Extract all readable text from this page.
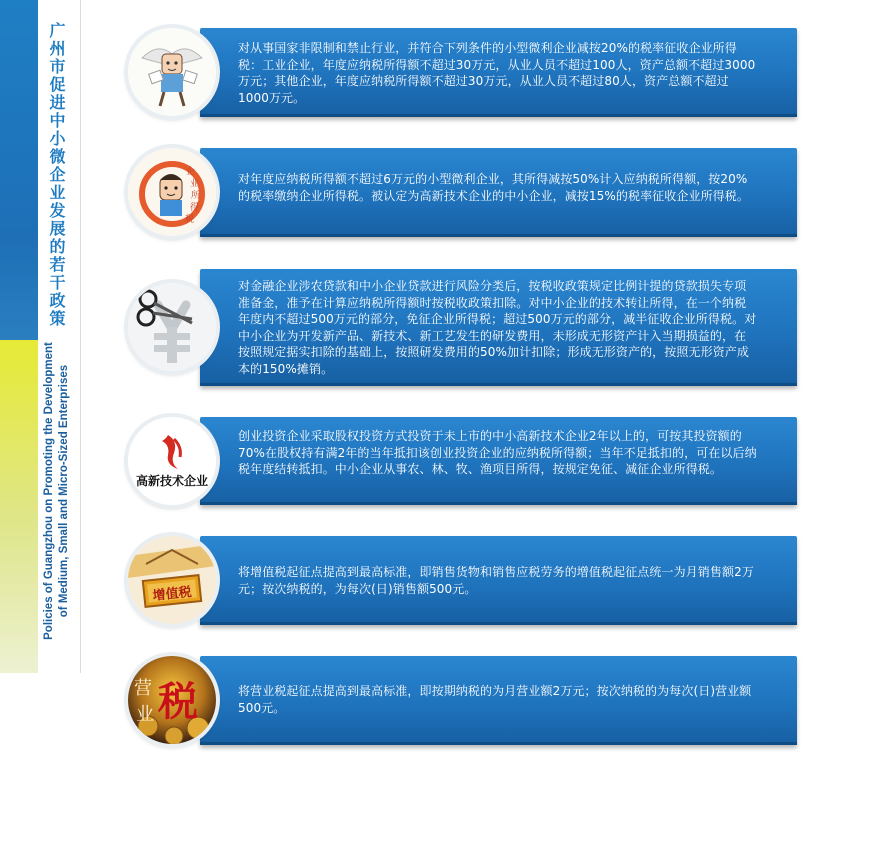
广州市促进中小微企业发展的若干政策
Policies of Guangzhou on Promoting the Development of Medium, Small and Micro-Sized Enterprises
对从事国家非限制和禁止行业，并符合下列条件的小型微利企业减按20%的税率征收企业所得税：工业企业，年度应纳税所得额不超过30万元，从业人员不超过100人，资产总额不超过3000万元；其他企业，年度应纳税所得额不超过30万元，从业人员不超过80人，资产总额不超过1000万元。
对年度应纳税所得额不超过6万元的小型微利企业，其所得减按50%计入应纳税所得额，按20%的税率缴纳企业所得税。被认定为高新技术企业的中小企业，减按15%的税率征收企业所得税。
企
业
所
得
税
对金融企业涉农贷款和中小企业贷款进行风险分类后，按税收政策规定比例计提的贷款损失专项准备金，准予在计算应纳税所得额时按税收政策扣除。对中小企业的技术转让所得，在一个纳税年度内不超过500万元的部分，免征企业所得税；超过500万元的部分，减半征收企业所得税。对中小企业为开发新产品、新技术、新工艺发生的研发费用，未形成无形资产计入当期损益的，在按照规定据实扣除的基础上，按照研发费用的50%加计扣除；形成无形资产的，按照无形资产成本的150%摊销。
创业投资企业采取股权投资方式投资于未上市的中小高新技术企业2年以上的，可按其投资额的70%在股权持有满2年的当年抵扣该创业投资企业的应纳税所得额；当年不足抵扣的，可在以后纳税年度结转抵扣。中小企业从事农、林、牧、渔项目所得，按规定免征、减征企业所得税。
高新技术企业
将增值税起征点提高到最高标准，即销售货物和销售应税劳务的增值税起征点统一为月销售额2万元；按次纳税的，为每次(日)销售额500元。
增值税
将营业税起征点提高到最高标准，即按期纳税的为月营业额2万元；按次纳税的为每次(日)营业额500元。
营
业 税
